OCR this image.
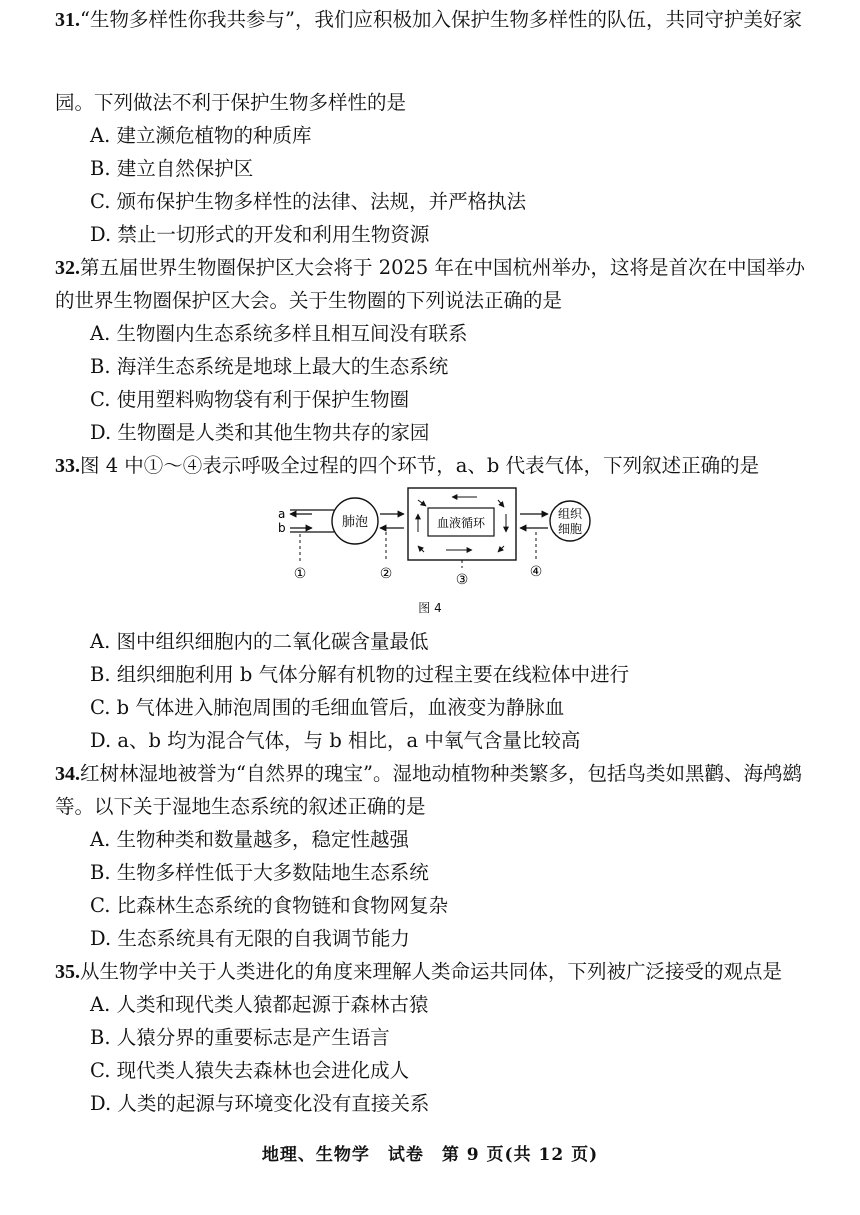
31.“生物多样性你我共参与”，我们应积极加入保护生物多样性的队伍，共同守护美好家
园。下列做法不利于保护生物多样性的是
A. 建立濒危植物的种质库
B. 建立自然保护区
C. 颁布保护生物多样性的法律、法规，并严格执法
D. 禁止一切形式的开发和利用生物资源
32.第五届世界生物圈保护区大会将于 2025 年在中国杭州举办，这将是首次在中国举办
的世界生物圈保护区大会。关于生物圈的下列说法正确的是
A. 生物圈内生态系统多样且相互间没有联系
B. 海洋生态系统是地球上最大的生态系统
C. 使用塑料购物袋有利于保护生物圈
D. 生物圈是人类和其他生物共存的家园
33.图 4 中①～④表示呼吸全过程的四个环节，a、b 代表气体，下列叙述正确的是
a
b	肺泡	血液循环
组织
细胞
①	②	③	④
图 4
A. 图中组织细胞内的二氧化碳含量最低
B. 组织细胞利用 b 气体分解有机物的过程主要在线粒体中进行
C. b 气体进入肺泡周围的毛细血管后，血液变为静脉血
D. a、b 均为混合气体，与 b 相比，a 中氧气含量比较高
34.红树林湿地被誉为“自然界的瑰宝”。湿地动植物种类繁多，包括鸟类如黑鹳、海鸬鹚
等。以下关于湿地生态系统的叙述正确的是
A. 生物种类和数量越多，稳定性越强
B. 生物多样性低于大多数陆地生态系统
C. 比森林生态系统的食物链和食物网复杂
D. 生态系统具有无限的自我调节能力
35.从生物学中关于人类进化的角度来理解人类命运共同体，下列被广泛接受的观点是
A. 人类和现代类人猿都起源于森林古猿
B. 人猿分界的重要标志是产生语言
C. 现代类人猿失去森林也会进化成人
D. 人类的起源与环境变化没有直接关系
地理、生物学　试卷　第 9 页(共 12 页)
